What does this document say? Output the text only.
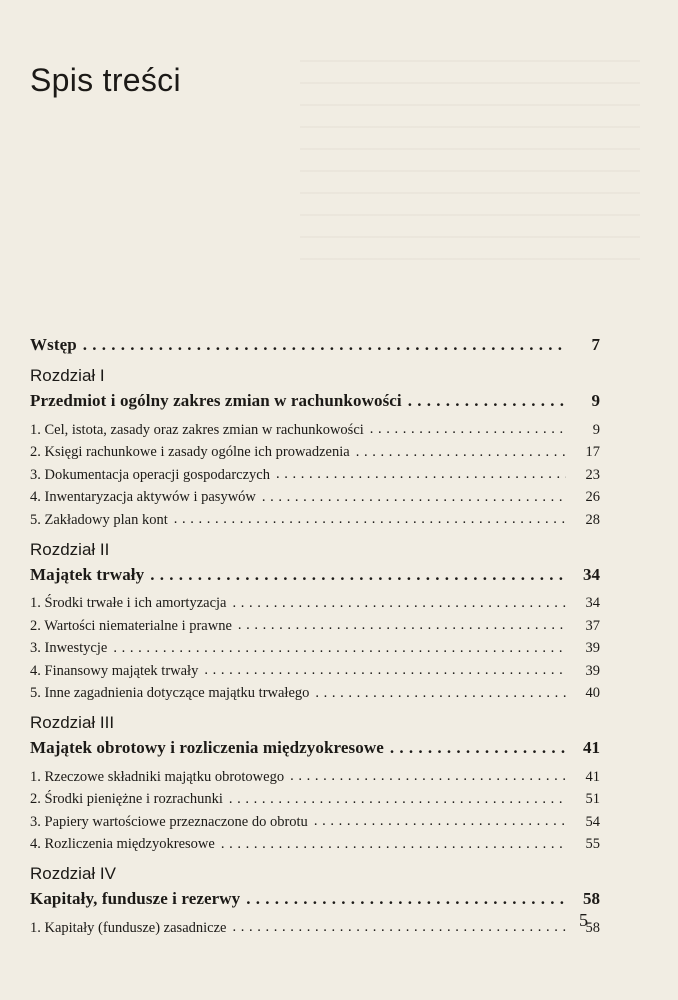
Spis treści
Wstęp . . .	7
Rozdział I
Przedmiot i ogólny zakres zmian w rachunkowości . . .	9
1. Cel, istota, zasady oraz zakres zmian w rachunkowości . . .	9
2. Księgi rachunkowe i zasady ogólne ich prowadzenia . . .	17
3. Dokumentacja operacji gospodarczych . . .	23
4. Inwentaryzacja aktywów i pasywów . . .	26
5. Zakładowy plan kont . . .	28
Rozdział II
Majątek trwały . . .	34
1. Środki trwałe i ich amortyzacja . . .	34
2. Wartości niematerialne i prawne . . .	37
3. Inwestycje . . .	39
4. Finansowy majątek trwały . . .	39
5. Inne zagadnienia dotyczące majątku trwałego . . .	40
Rozdział III
Majątek obrotowy i rozliczenia międzyokresowe . . .	41
1. Rzeczowe składniki majątku obrotowego . . .	41
2. Środki pieniężne i rozrachunki . . .	51
3. Papiery wartościowe przeznaczone do obrotu . . .	54
4. Rozliczenia międzyokresowe . . .	55
Rozdział IV
Kapitały, fundusze i rezerwy . . .	58
1. Kapitały (fundusze) zasadnicze . . .	58
5
